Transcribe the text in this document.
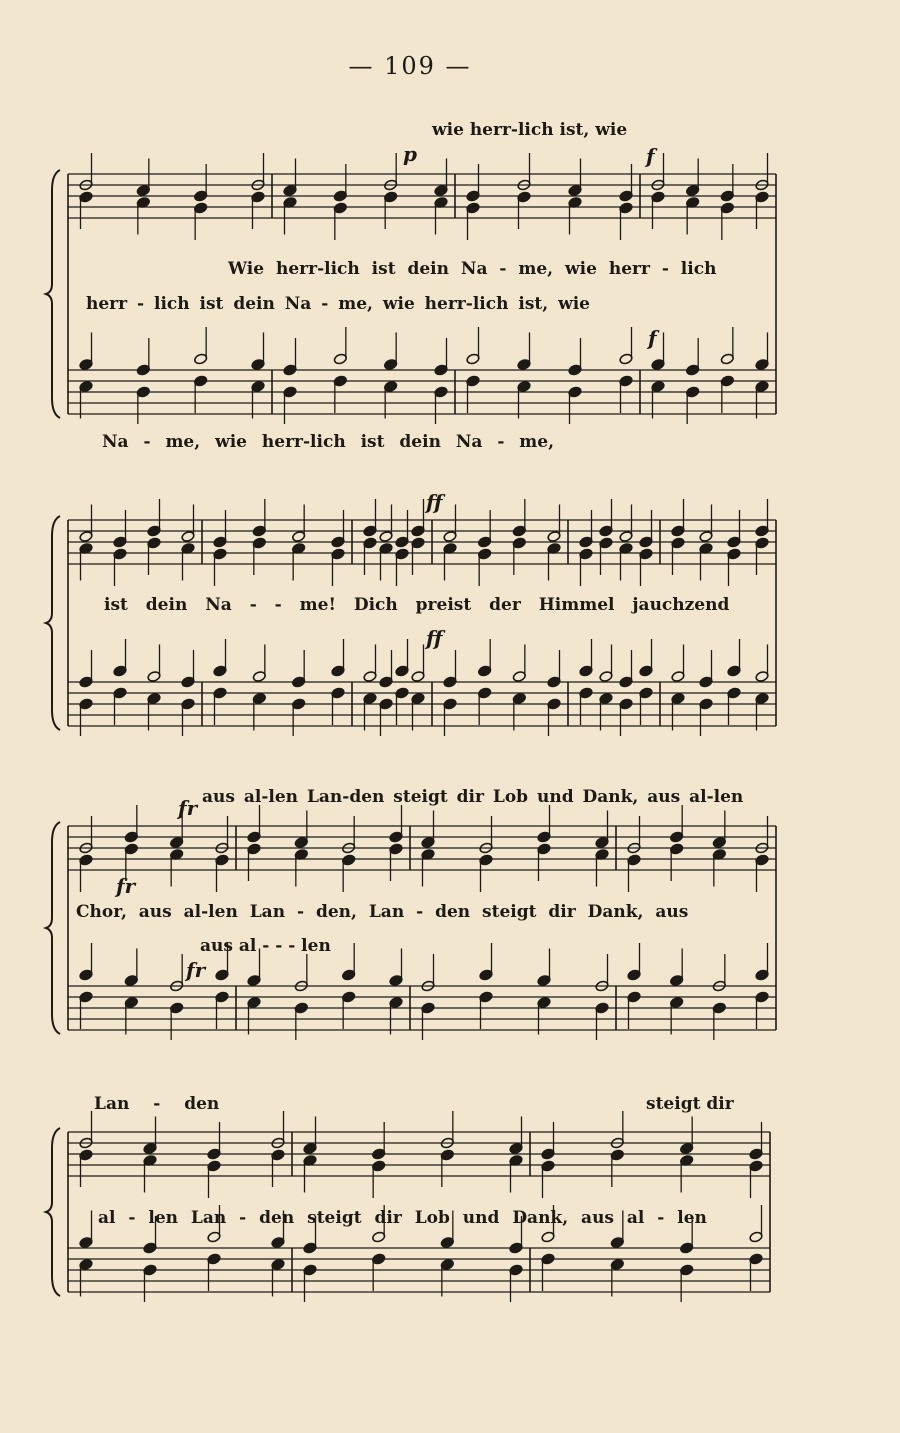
— 109 —
wie herr-lich ist, wie
Wie herr-lich ist dein Na - me, wie herr - lich
herr - lich ist dein Na - me, wie herr-lich ist, wie
Na - me, wie herr-lich ist dein Na - me,
p	f
f
ist dein Na - - me! Dich preist der Himmel jauchzend
ff
ff
aus al-len Lan-den steigt dir Lob und Dank, aus al-len
Chor, aus al-len Lan - den, Lan - den steigt dir Dank, aus
aus al - - - len
fr
fr
fr
Lan - den	steigt dir
al - len Lan - den steigt dir Lob und Dank, aus al - len
